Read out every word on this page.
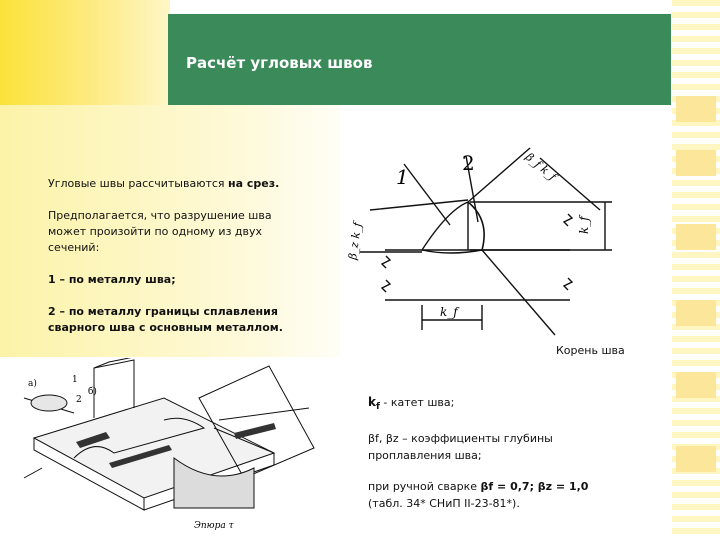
Расчёт угловых швов
Угловые швы рассчитываются на срез.
Предполагается, что разрушение шва
может произойти по одному из двух
сечений:
1 – по металлу шва;
2 – по металлу границы сплавления
сварного шва с основным металлом.
1
2	β_f k_f
β_z k_f	k_f
k_f
Корень шва
а)	1
2
б)
Эпюра τ
$k_f$ - катет шва;
βf, βz – коэффициенты глубины
проплавления шва;
при ручной сварке βf = 0,7; βz = 1,0
(табл. 34* СНиП II-23-81*).
